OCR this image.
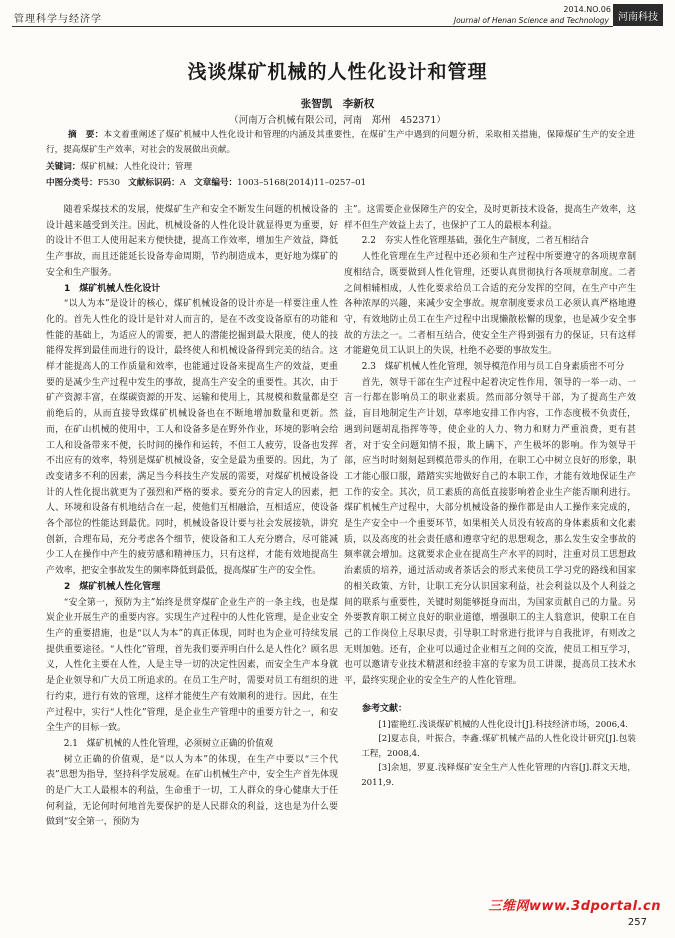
管理科学与经济学
2014.NO.06
Journal of Henan Science and Technology 河南科技
浅谈煤矿机械的人性化设计和管理
张智凯　李新权
（河南万合机械有限公司，河南　郑州　452371）
摘　要：本文着重阐述了煤矿机械中人性化设计和管理的内涵及其重要性，在煤矿生产中遇到的问题分析，采取相关措施，保障煤矿生产的安全进行，提高煤矿生产效率，对社会的发展做出贡献。
关键词：煤矿机械；人性化设计；管理
中图分类号：F530 文献标识码：A 文章编号：1003–5168(2014)11–0257–01

随着采煤技术的发展，使煤矿生产和安全不断发生问题的机械设备的设计越来越受到关注。因此，机械设备的人性化设计就显得更为重要，好的设计不但工人使用起来方便快捷，提高工作效率，增加生产效益，降低生产事故，而且还能延长设备寿命周期，节约制造成本，更好地为煤矿的安全和生产服务。

1　煤矿机械人性化设计

“以人为本”是设计的核心，煤矿机械设备的设计亦是一样要注重人性化的。首先人性化的设计是针对人而言的，是在不改变设备原有的功能和性能的基础上，为适应人的需要，把人的潜能挖掘到最大限度，使人的技能得发挥到最佳而进行的设计，最终使人和机械设备得到完美的结合。这样才能提高人的工作质量和效率，也能通过设备来提高生产的效益，更重要的是减少生产过程中发生的事故，提高生产安全的重要性。其次，由于矿产资源丰富，在煤碳资源的开发、运输和使用上，其规模和数量都是空前绝后的，从而直接导致煤矿机械设备也在不断地增加数量和更新。然而，在矿山机械的使用中，工人和设备多是在野外作业，环境的影响会给工人和设备带来不便，长时间的操作和运转，不但工人疲劳，设备也发挥不出应有的效率，特别是煤矿机械设备，安全是最为重要的。因此，为了改变诸多不利的因素，满足当今科技生产发展的需要，对煤矿机械设备设计的人性化提出就更为了强烈和严格的要求。要充分的肯定人的因素，把人、环境和设备有机地结合在一起，使他们互相融洽，互相适应，使设备各个部位的性能达到最优。同时，机械设备设计要与社会发展接轨，讲究创新，合理布局，充分考虑各个细节，使设备和工人充分磨合，尽可能减少工人在操作中产生的疲劳感和精神压力，只有这样，才能有效地提高生产效率，把安全事故发生的频率降低到最低，提高煤矿生产的安全性。

2　煤矿机械人性化管理

“安全第一，预防为主”始终是贯穿煤矿企业生产的一条主线，也是煤炭企业开展生产的重要内容。实现生产过程中的人性化管理，是企业安全生产的重要措施，也是“以人为本”的真正体现，同时也为企业可持续发展提供重要途径。“人性化”管理，首先我们要弄明白什么是人性化？顾名思义，人性化主要在人性，人是主导一切的决定性因素，而安全生产本身就是企业领导和广大员工所追求的。在员工生产时，需要对员工有组织的进行约束，进行有效的管理，这样才能使生产有效顺利的进行。因此，在生产过程中，实行“人性化”管理，是企业生产管理中的重要方针之一，和安全生产的目标一致。

2.1　煤矿机械的人性化管理，必须树立正确的价值观

树立正确的价值观，是“以人为本”的体现，在生产中要以“三个代表”思想为指导，坚持科学发展观。在矿山机械生产中，安全生产首先体现的是广大工人最根本的利益，生命重于一切，工人群众的身心健康大于任何利益，无论何时何地首先要保护的是人民群众的利益，这也是为什么要做到“安全第一，预防为

主”。这需要企业保障生产的安全，及时更新技术设备，提高生产效率，这样不但生产效益上去了，也保护了工人的最根本利益。

2.2　夯实人性化管理基础，强化生产制度，二者互相结合

人性化管理在生产过程中还必须和生产过程中所要遵守的各项规章制度相结合，既要做到人性化管理，还要认真贯彻执行各项规章制度。二者之间相辅相成，人性化要求给员工合适的充分发挥的空间，在生产中产生各种浓厚的兴趣，来减少安全事故。规章制度要求员工必须认真严格地遵守，有效地防止员工在生产过程中出现懒散松懈的现象，也是减少安全事故的方法之一。二者相互结合，使安全生产得到强有力的保证，只有这样才能避免员工认识上的失误，杜绝不必要的事故发生。

2.3　煤矿机械人性化管理，领导模范作用与员工自身素质密不可分

首先，领导干部在生产过程中起着决定性作用，领导的一举一动、一言一行都在影响员工的职业素质。然而部分领导干部，为了提高生产效益，盲目地制定生产计划，草率地安排工作内容，工作态度极不负责任，遇到问题胡乱指挥等等，使企业的人力、物力和财力严重浪费，更有甚者，对于安全问题知情不报，欺上瞒下，产生极坏的影响。作为领导干部，应当时时刻刻起到模范带头的作用，在职工心中树立良好的形象，职工才能心服口服，踏踏实实地做好自己的本职工作，才能有效地保证生产工作的安全。其次，员工素质的高低直接影响着企业生产能否顺利进行。煤矿机械生产过程中，大部分机械设备的操作都是由人工操作来完成的，是生产安全中一个重要环节，如果相关人员没有较高的身体素质和文化素质，以及高度的社会责任感和遵章守纪的思想观念，那么发生安全事故的频率就会增加。这就要求企业在提高生产水平的同时，注重对员工思想政治素质的培养，通过活动或者茶话会的形式来使员工学习党的路线和国家的相关政策、方针，让职工充分认识国家利益，社会利益以及个人利益之间的联系与重要性，关键时刻能够挺身而出，为国家贡献自己的力量。另外要教育职工树立良好的职业道德，增强职工的主人翁意识，使职工在自己的工作岗位上尽职尽责，引导职工时常进行批评与自我批评，有则改之无则加勉。还有，企业可以通过企业相互之间的交流，使员工相互学习，也可以邀请专业技术精湛和经验丰富的专家为员工讲课，提高员工技术水平，最终实现企业的安全生产的人性化管理。

参考文献：

[1]霍艳红.浅谈煤矿机械的人性化设计[J].科技经济市场，2006,4.

[2]夏志良，叶振合，李鑫.煤矿机械产品的人性化设计研究[J].包装工程，2008,4.

[3]余旭，罗夏.浅释煤矿安全生产人性化管理的内容[J].群文天地，2011,9.

三维网www.3dportal.cn
257
